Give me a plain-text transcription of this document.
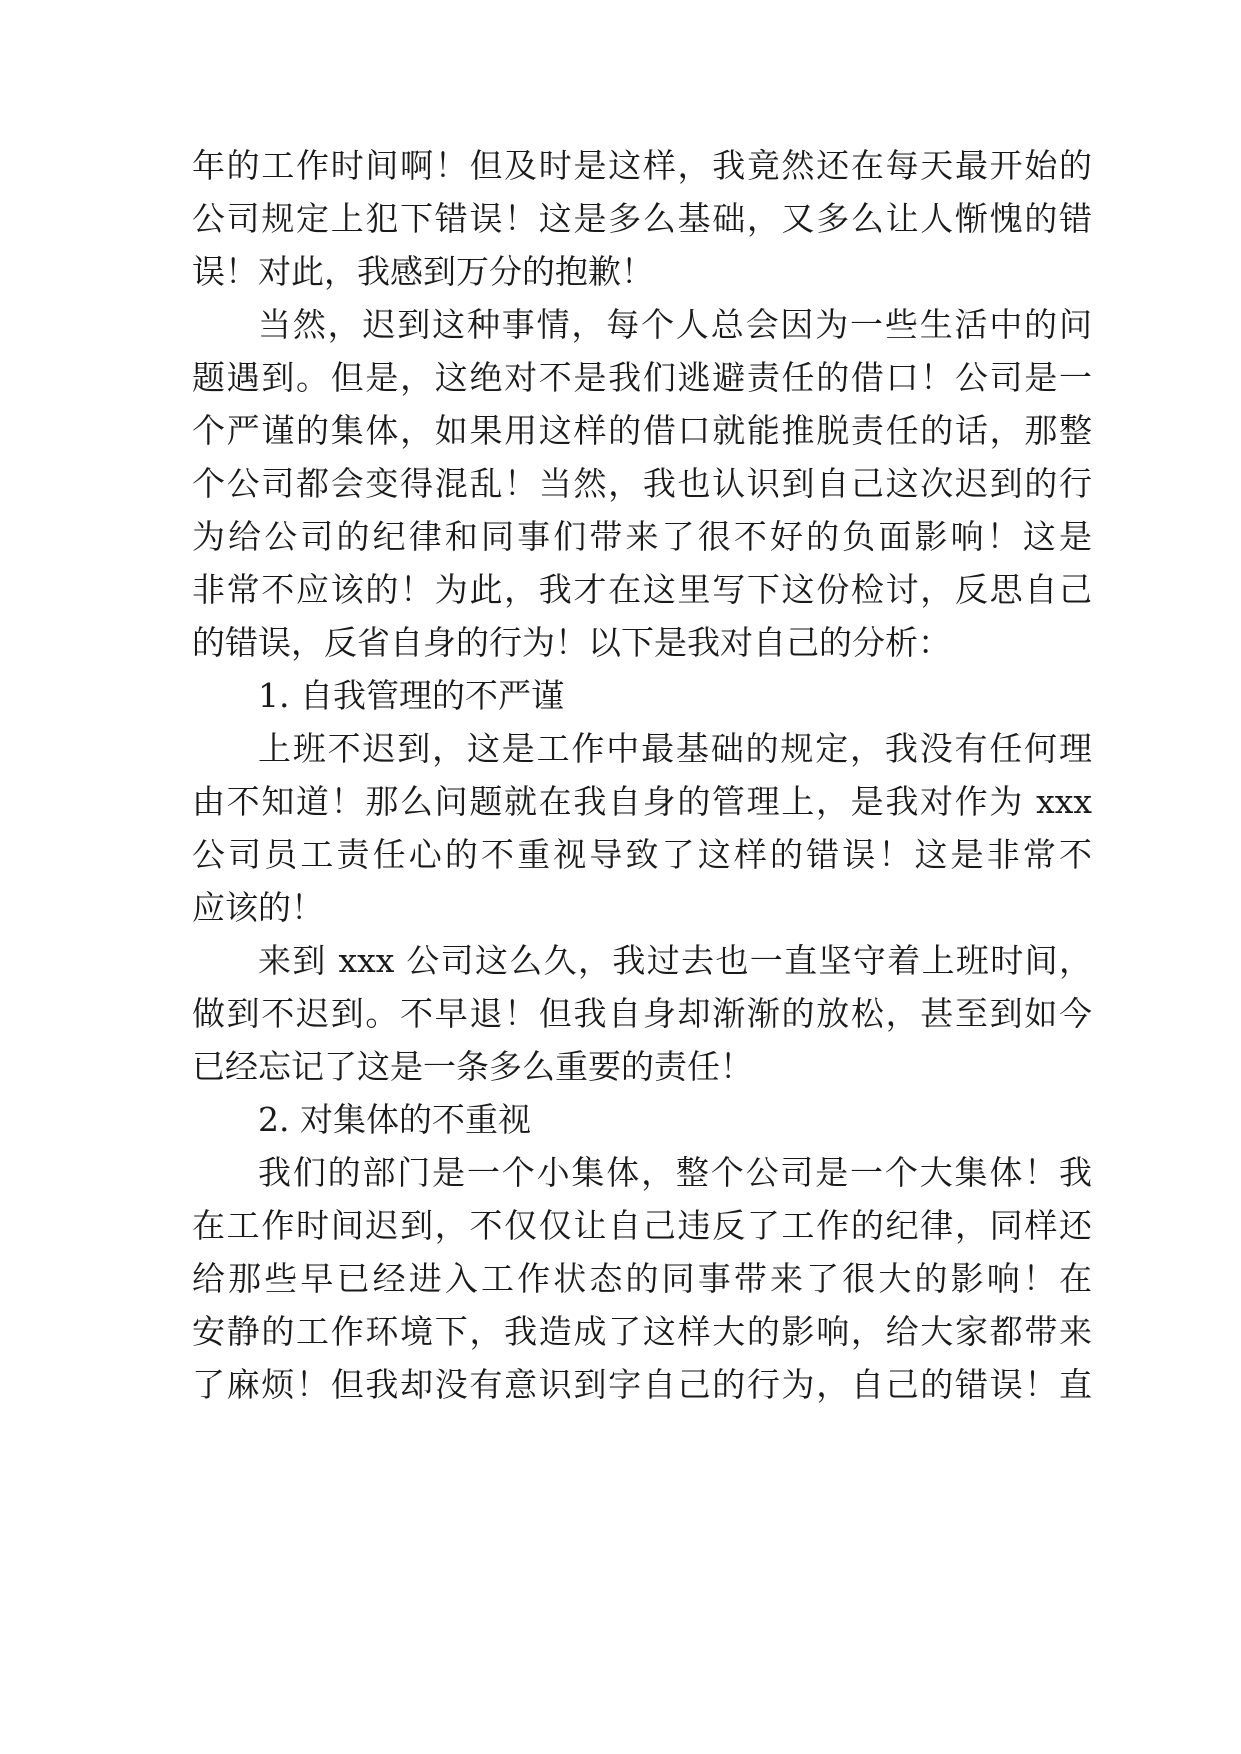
年的工作时间啊！但及时是这样，我竟然还在每天最开始的
公司规定上犯下错误！这是多么基础，又多么让人惭愧的错
误！对此，我感到万分的抱歉！
当然，迟到这种事情，每个人总会因为一些生活中的问
题遇到。但是，这绝对不是我们逃避责任的借口！公司是一
个严谨的集体，如果用这样的借口就能推脱责任的话，那整
个公司都会变得混乱！当然，我也认识到自己这次迟到的行
为给公司的纪律和同事们带来了很不好的负面影响！这是
非常不应该的！为此，我才在这里写下这份检讨，反思自己
的错误，反省自身的行为！以下是我对自己的分析：
1. 自我管理的不严谨
上班不迟到，这是工作中最基础的规定，我没有任何理
由不知道！那么问题就在我自身的管理上，是我对作为 xxx
公司员工责任心的不重视导致了这样的错误！这是非常不
应该的！
来到 xxx 公司这么久，我过去也一直坚守着上班时间，
做到不迟到。不早退！但我自身却渐渐的放松，甚至到如今
已经忘记了这是一条多么重要的责任！
2. 对集体的不重视
我们的部门是一个小集体，整个公司是一个大集体！我
在工作时间迟到，不仅仅让自己违反了工作的纪律，同样还
给那些早已经进入工作状态的同事带来了很大的影响！在
安静的工作环境下，我造成了这样大的影响，给大家都带来
了麻烦！但我却没有意识到字自己的行为，自己的错误！直
